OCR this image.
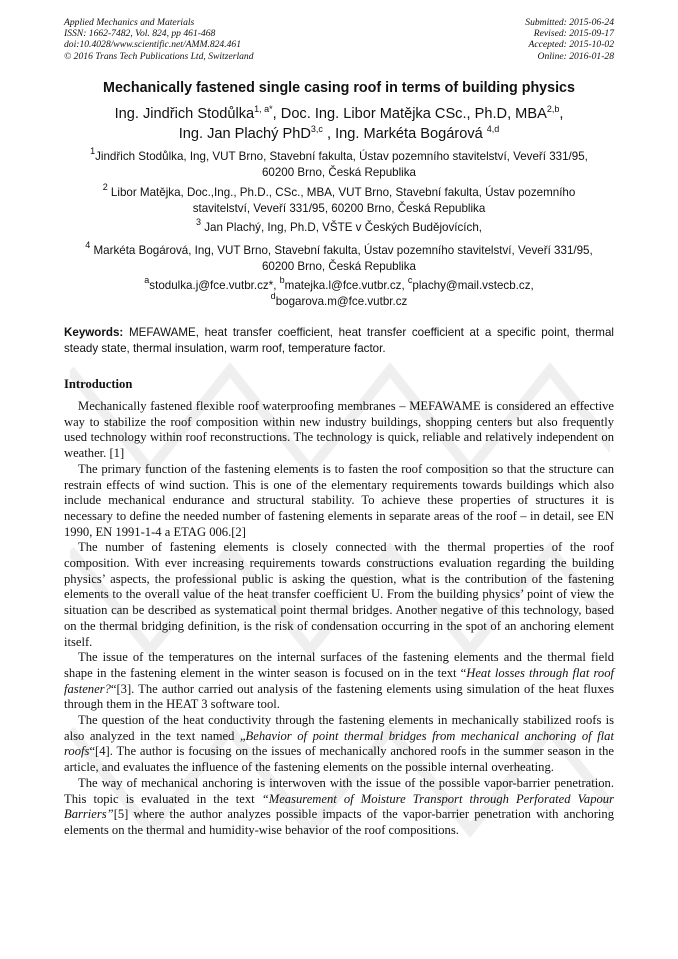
Applied Mechanics and Materials
ISSN: 1662-7482, Vol. 824, pp 461-468
doi:10.4028/www.scientific.net/AMM.824.461
© 2016 Trans Tech Publications Ltd, Switzerland
Submitted: 2015-06-24
Revised: 2015-09-17
Accepted: 2015-10-02
Online: 2016-01-28
Mechanically fastened single casing roof in terms of building physics
Ing. Jindřich Stodůlka$^{1, a*}$, Doc. Ing. Libor Matějka CSc., Ph.D, MBA$^{2,b}$,
Ing. Jan Plachý PhD$^{3,c}$ , Ing. Markéta Bogárová $^{4,d}$
$^1$Jindřich Stodůlka, Ing, VUT Brno, Stavební fakulta, Ústav pozemního stavitelství, Veveří 331/95,
60200 Brno, Česká Republika
$^2$ Libor Matějka, Doc.,Ing., Ph.D., CSc., MBA, VUT Brno, Stavební fakulta, Ústav pozemního
stavitelství, Veveří 331/95, 60200 Brno, Česká Republika
$^3$ Jan Plachý, Ing, Ph.D, VŠTE v Českých Budějovících,
$^4$ Markéta Bogárová, Ing, VUT Brno, Stavební fakulta, Ústav pozemního stavitelství, Veveří 331/95,
60200 Brno, Česká Republika
$^a$stodulka.j@fce.vutbr.cz*, $^b$matejka.l@fce.vutbr.cz, $^c$plachy@mail.vstecb.cz,
$^d$bogarova.m@fce.vutbr.cz
Keywords: MEFAWAME, heat transfer coefficient, heat transfer coefficient at a specific point, thermal steady state, thermal insulation, warm roof, temperature factor.
Introduction

Mechanically fastened flexible roof waterproofing membranes – MEFAWAME is considered an effective way to stabilize the roof composition within new industry buildings, shopping centers but also frequently used technology within roof reconstructions. The technology is quick, reliable and relatively independent on weather. [1]

The primary function of the fastening elements is to fasten the roof composition so that the structure can restrain effects of wind suction. This is one of the elementary requirements towards buildings which also include mechanical endurance and structural stability. To achieve these properties of structures it is necessary to define the needed number of fastening elements in separate areas of the roof – in detail, see EN 1990, EN 1991-1-4 a ETAG 006.[2]

The number of fastening elements is closely connected with the thermal properties of the roof composition. With ever increasing requirements towards constructions evaluation regarding the building physics’ aspects, the professional public is asking the question, what is the contribution of the fastening elements to the overall value of the heat transfer coefficient U. From the building physics’ point of view the situation can be described as systematical point thermal bridges. Another negative of this technology, based on the thermal bridging definition, is the risk of condensation occurring in the spot of an anchoring element itself.

The issue of the temperatures on the internal surfaces of the fastening elements and the thermal field shape in the fastening element in the winter season is focused on in the text “Heat losses through flat roof fastener?“[3]. The author carried out analysis of the fastening elements using simulation of the heat fluxes through them in the HEAT 3 software tool.

The question of the heat conductivity through the fastening elements in mechanically stabilized roofs is also analyzed in the text named „Behavior of point thermal bridges from mechanical anchoring of flat roofs“[4]. The author is focusing on the issues of mechanically anchored roofs in the summer season in the article, and evaluates the influence of the fastening elements on the possible internal overheating.

The way of mechanical anchoring is interwoven with the issue of the possible vapor-barrier penetration. This topic is evaluated in the text “Measurement of Moisture Transport through Perforated Vapour Barriers”[5] where the author analyzes possible impacts of the vapor-barrier penetration with anchoring elements on the thermal and humidity-wise behavior of the roof compositions.
